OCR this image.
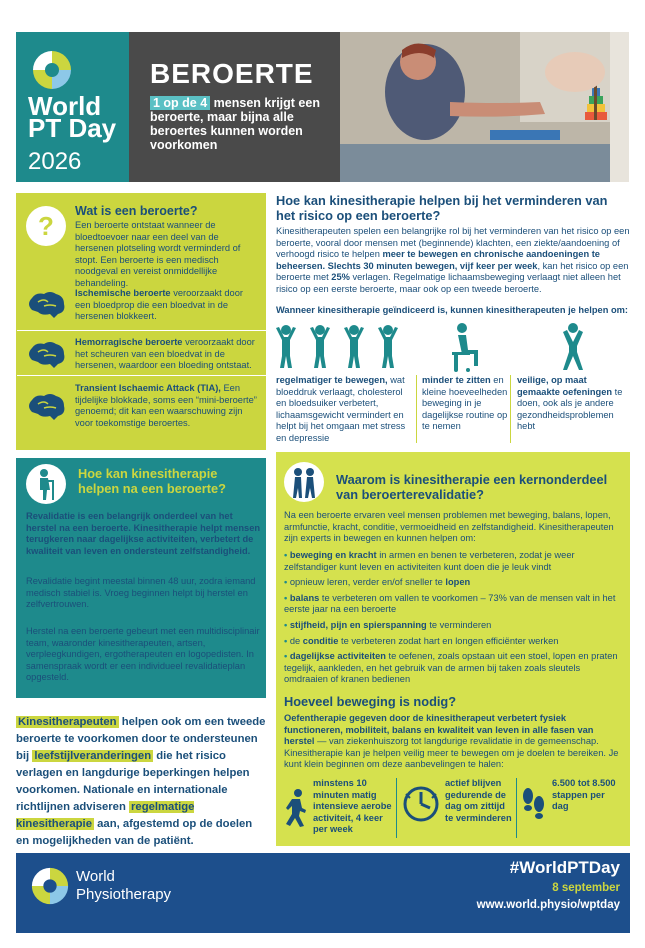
World
PT Day
2026
BEROERTE
1 op de 4 mensen krijgt een beroerte, maar bijna alle beroertes kunnen worden voorkomen
? Wat is een beroerte?
Een beroerte ontstaat wanneer de bloedtoevoer naar een deel van de hersenen plotseling wordt verminderd of stopt. Een beroerte is een medisch noodgeval en vereist onmiddellijke behandeling.
Ischemische beroerte veroorzaakt door een bloedprop die een bloedvat in de hersenen blokkeert.
Hemorragische beroerte veroorzaakt door het scheuren van een bloedvat in de hersenen, waardoor een bloeding ontstaat.
Transient Ischaemic Attack (TIA), Een tijdelijke blokkade, soms een “mini-beroerte” genoemd; dit kan een waarschuwing zijn voor toekomstige beroertes.
Hoe kan kinesitherapie helpen bij het verminderen van het risico op een beroerte?
Kinesitherapeuten spelen een belangrijke rol bij het verminderen van het risico op een beroerte, vooral door mensen met (beginnende) klachten, een ziekte/aandoening of verhoogd risico te helpen meer te bewegen en chronische aandoeningen te beheersen. Slechts 30 minuten bewegen, vijf keer per week, kan het risico op een beroerte met 25% verlagen. Regelmatige lichaamsbeweging verlaagt niet alleen het risico op een eerste beroerte, maar ook op een tweede beroerte.
Wanneer kinesitherapie geïndiceerd is, kunnen kinesitherapeuten je helpen om:
regelmatiger te bewegen, wat bloeddruk verlaagt, cholesterol en bloedsuiker verbetert, lichaamsgewicht vermindert en helpt bij het omgaan met stress en depressie
minder te zitten en kleine hoeveelheden beweging in je dagelijkse routine op te nemen
veilige, op maat gemaakte oefeningen te doen, ook als je andere gezondheidsproblemen hebt
Hoe kan kinesitherapie helpen na een beroerte?
Revalidatie is een belangrijk onderdeel van het herstel na een beroerte. Kinesitherapie helpt mensen terugkeren naar dagelijkse activiteiten, verbetert de kwaliteit van leven en ondersteunt zelfstandigheid.
Revalidatie begint meestal binnen 48 uur, zodra iemand medisch stabiel is. Vroeg beginnen helpt bij herstel en zelfvertrouwen.
Herstel na een beroerte gebeurt met een multidisciplinair team, waaronder kinesitherapeuten, artsen, verpleegkundigen, ergotherapeuten en logopedisten. In samenspraak wordt er een individueel revalidatieplan opgesteld.
Kinesitherapeuten helpen ook om een tweede beroerte te voorkomen door te ondersteunen bij leefstijlveranderingen die het risico verlagen en langdurige beperkingen helpen voorkomen. Nationale en internationale richtlijnen adviseren regelmatige kinesitherapie aan, afgestemd op de doelen en mogelijkheden van de patiënt.
Waarom is kinesitherapie een kernonderdeel van beroerterevalidatie?
Na een beroerte ervaren veel mensen problemen met beweging, balans, lopen, armfunctie, kracht, conditie, vermoeidheid en zelfstandigheid. Kinesitherapeuten zijn experts in bewegen en kunnen helpen om:
• beweging en kracht in armen en benen te verbeteren, zodat je weer zelfstandiger kunt leven en activiteiten kunt doen die je leuk vindt
• opnieuw leren, verder en/of sneller te lopen
• balans te verbeteren om vallen te voorkomen – 73% van de mensen valt in het eerste jaar na een beroerte
• stijfheid, pijn en spierspanning te verminderen
• de conditie te verbeteren zodat hart en longen efficiënter werken
• dagelijkse activiteiten te oefenen, zoals opstaan uit een stoel, lopen en praten tegelijk, aankleden, en het gebruik van de armen bij taken zoals sleutels omdraaien of kranen bedienen
Hoeveel beweging is nodig?
Oefentherapie gegeven door de kinesitherapeut verbetert fysiek functioneren, mobiliteit, balans en kwaliteit van leven in alle fasen van herstel — van ziekenhuiszorg tot langdurige revalidatie in de gemeenschap. Kinesitherapie kan je helpen veilig meer te bewegen om je doelen te bereiken. Je kunt klein beginnen om deze aanbevelingen te halen:
minstens 10 minuten matig intensieve aerobe activiteit, 4 keer per week
actief blijven gedurende de dag om zittijd te verminderen
6.500 tot 8.500 stappen per dag
World
Physiotherapy
#WorldPTDay
8 september
www.world.physio/wptday
